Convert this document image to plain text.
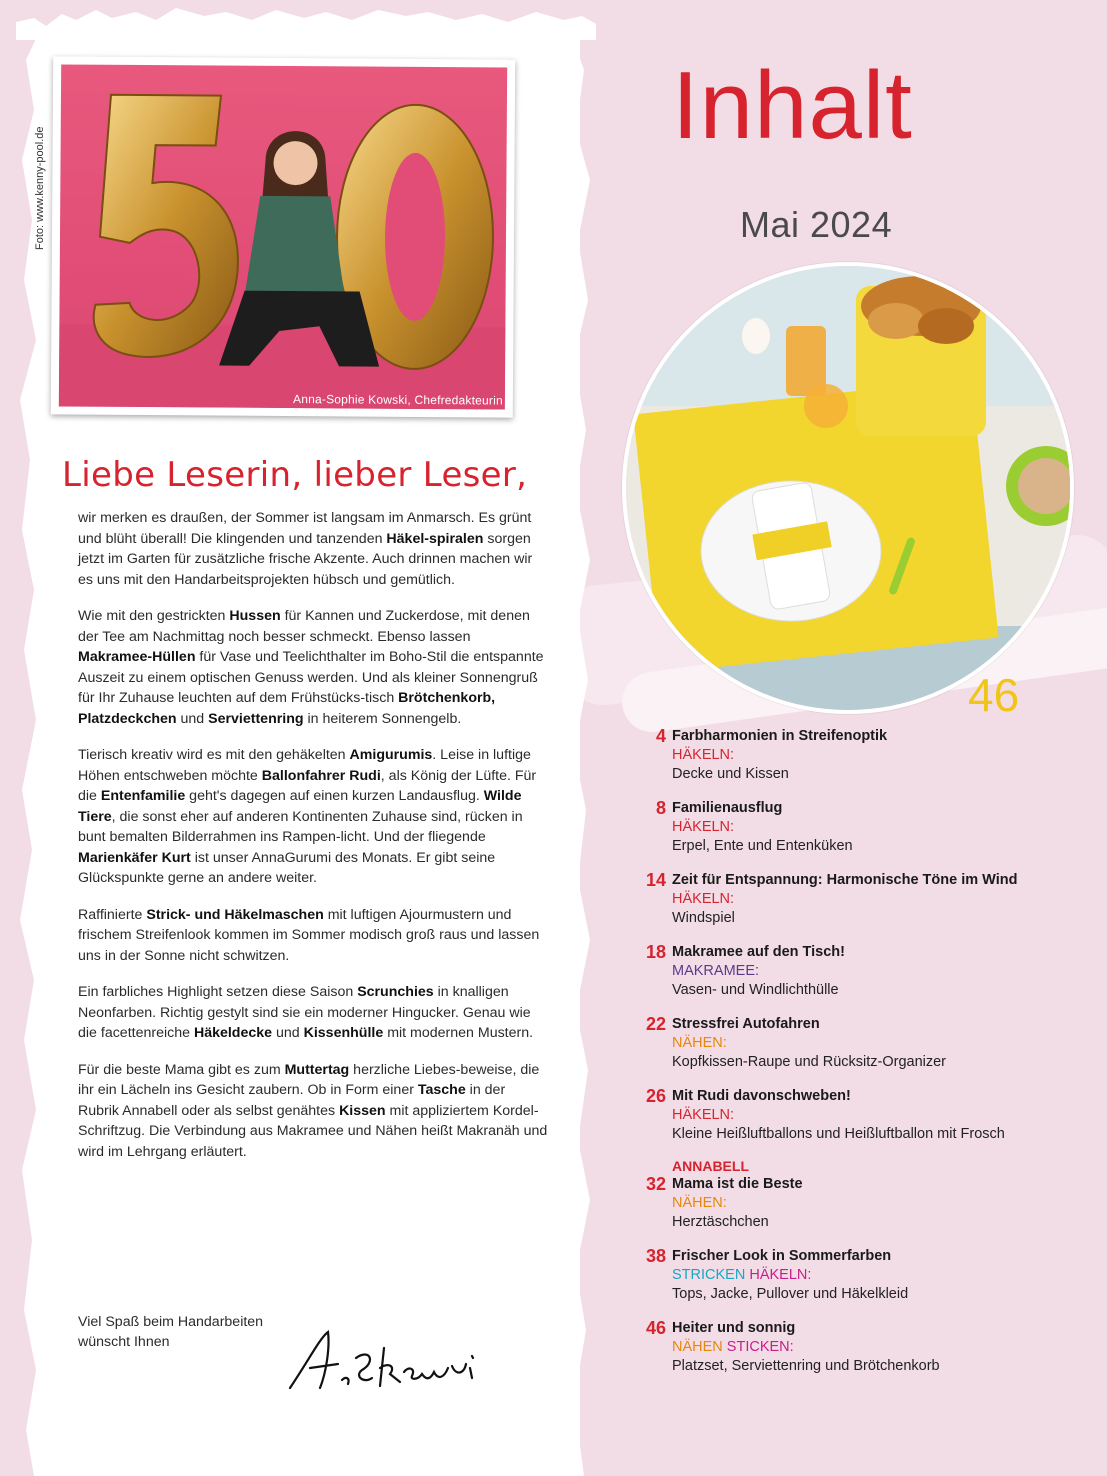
Foto: www.kenny-pool.de
Anna-Sophie Kowski, Chefredakteurin
Liebe Leserin, lieber Leser,

wir merken es draußen, der Sommer ist langsam im Anmarsch. Es grünt und blüht überall! Die klingenden und tanzenden Häkel-spiralen sorgen jetzt im Garten für zusätzliche frische Akzente. Auch drinnen machen wir es uns mit den Handarbeitsprojekten hübsch und gemütlich.

Wie mit den gestrickten Hussen für Kannen und Zuckerdose, mit denen der Tee am Nachmittag noch besser schmeckt. Ebenso lassen Makramee-Hüllen für Vase und Teelichthalter im Boho-Stil die entspannte Auszeit zu einem optischen Genuss werden. Und als kleiner Sonnengruß für Ihr Zuhause leuchten auf dem Frühstücks-tisch Brötchenkorb, Platzdeckchen und Serviettenring in heiterem Sonnengelb.

Tierisch kreativ wird es mit den gehäkelten Amigurumis. Leise in luftige Höhen entschweben möchte Ballonfahrer Rudi, als König der Lüfte. Für die Entenfamilie geht's dagegen auf einen kurzen Landausflug. Wilde Tiere, die sonst eher auf anderen Kontinenten Zuhause sind, rücken in bunt bemalten Bilderrahmen ins Rampen-licht. Und der fliegende Marienkäfer Kurt ist unser AnnaGurumi des Monats. Er gibt seine Glückspunkte gerne an andere weiter.

Raffinierte Strick- und Häkelmaschen mit luftigen Ajourmustern und frischem Streifenlook kommen im Sommer modisch groß raus und lassen uns in der Sonne nicht schwitzen.

Ein farbliches Highlight setzen diese Saison Scrunchies in knalligen Neonfarben. Richtig gestylt sind sie ein moderner Hingucker. Genau wie die facettenreiche Häkeldecke und Kissenhülle mit modernen Mustern.

Für die beste Mama gibt es zum Muttertag herzliche Liebes-beweise, die ihr ein Lächeln ins Gesicht zaubern. Ob in Form einer Tasche in der Rubrik Annabell oder als selbst genähtes Kissen mit appliziertem Kordel-Schriftzug. Die Verbindung aus Makramee und Nähen heißt Makranäh und wird im Lehrgang erläutert.

Viel Spaß beim Handarbeiten
wünscht Ihnen
Inhalt
Mai 2024
46
4 Farbharmonien in Streifenoptik
HÄKELN:
Decke und Kissen
8 Familienausflug
HÄKELN:
Erpel, Ente und Entenküken
14 Zeit für Entspannung: Harmonische Töne im Wind
HÄKELN:
Windspiel
18 Makramee auf den Tisch!
MAKRAMEE:
Vasen- und Windlichthülle
22 Stressfrei Autofahren
NÄHEN:
Kopfkissen-Raupe und Rücksitz-Organizer
26 Mit Rudi davonschweben!
HÄKELN:
Kleine Heißluftballons und Heißluftballon mit Frosch
32
ANNABELL
Mama ist die Beste
NÄHEN:
Herztäschchen
38 Frischer Look in Sommerfarben
STRICKEN HÄKELN:
Tops, Jacke, Pullover und Häkelkleid
46 Heiter und sonnig
NÄHEN STICKEN:
Platzset, Serviettenring und Brötchenkorb
